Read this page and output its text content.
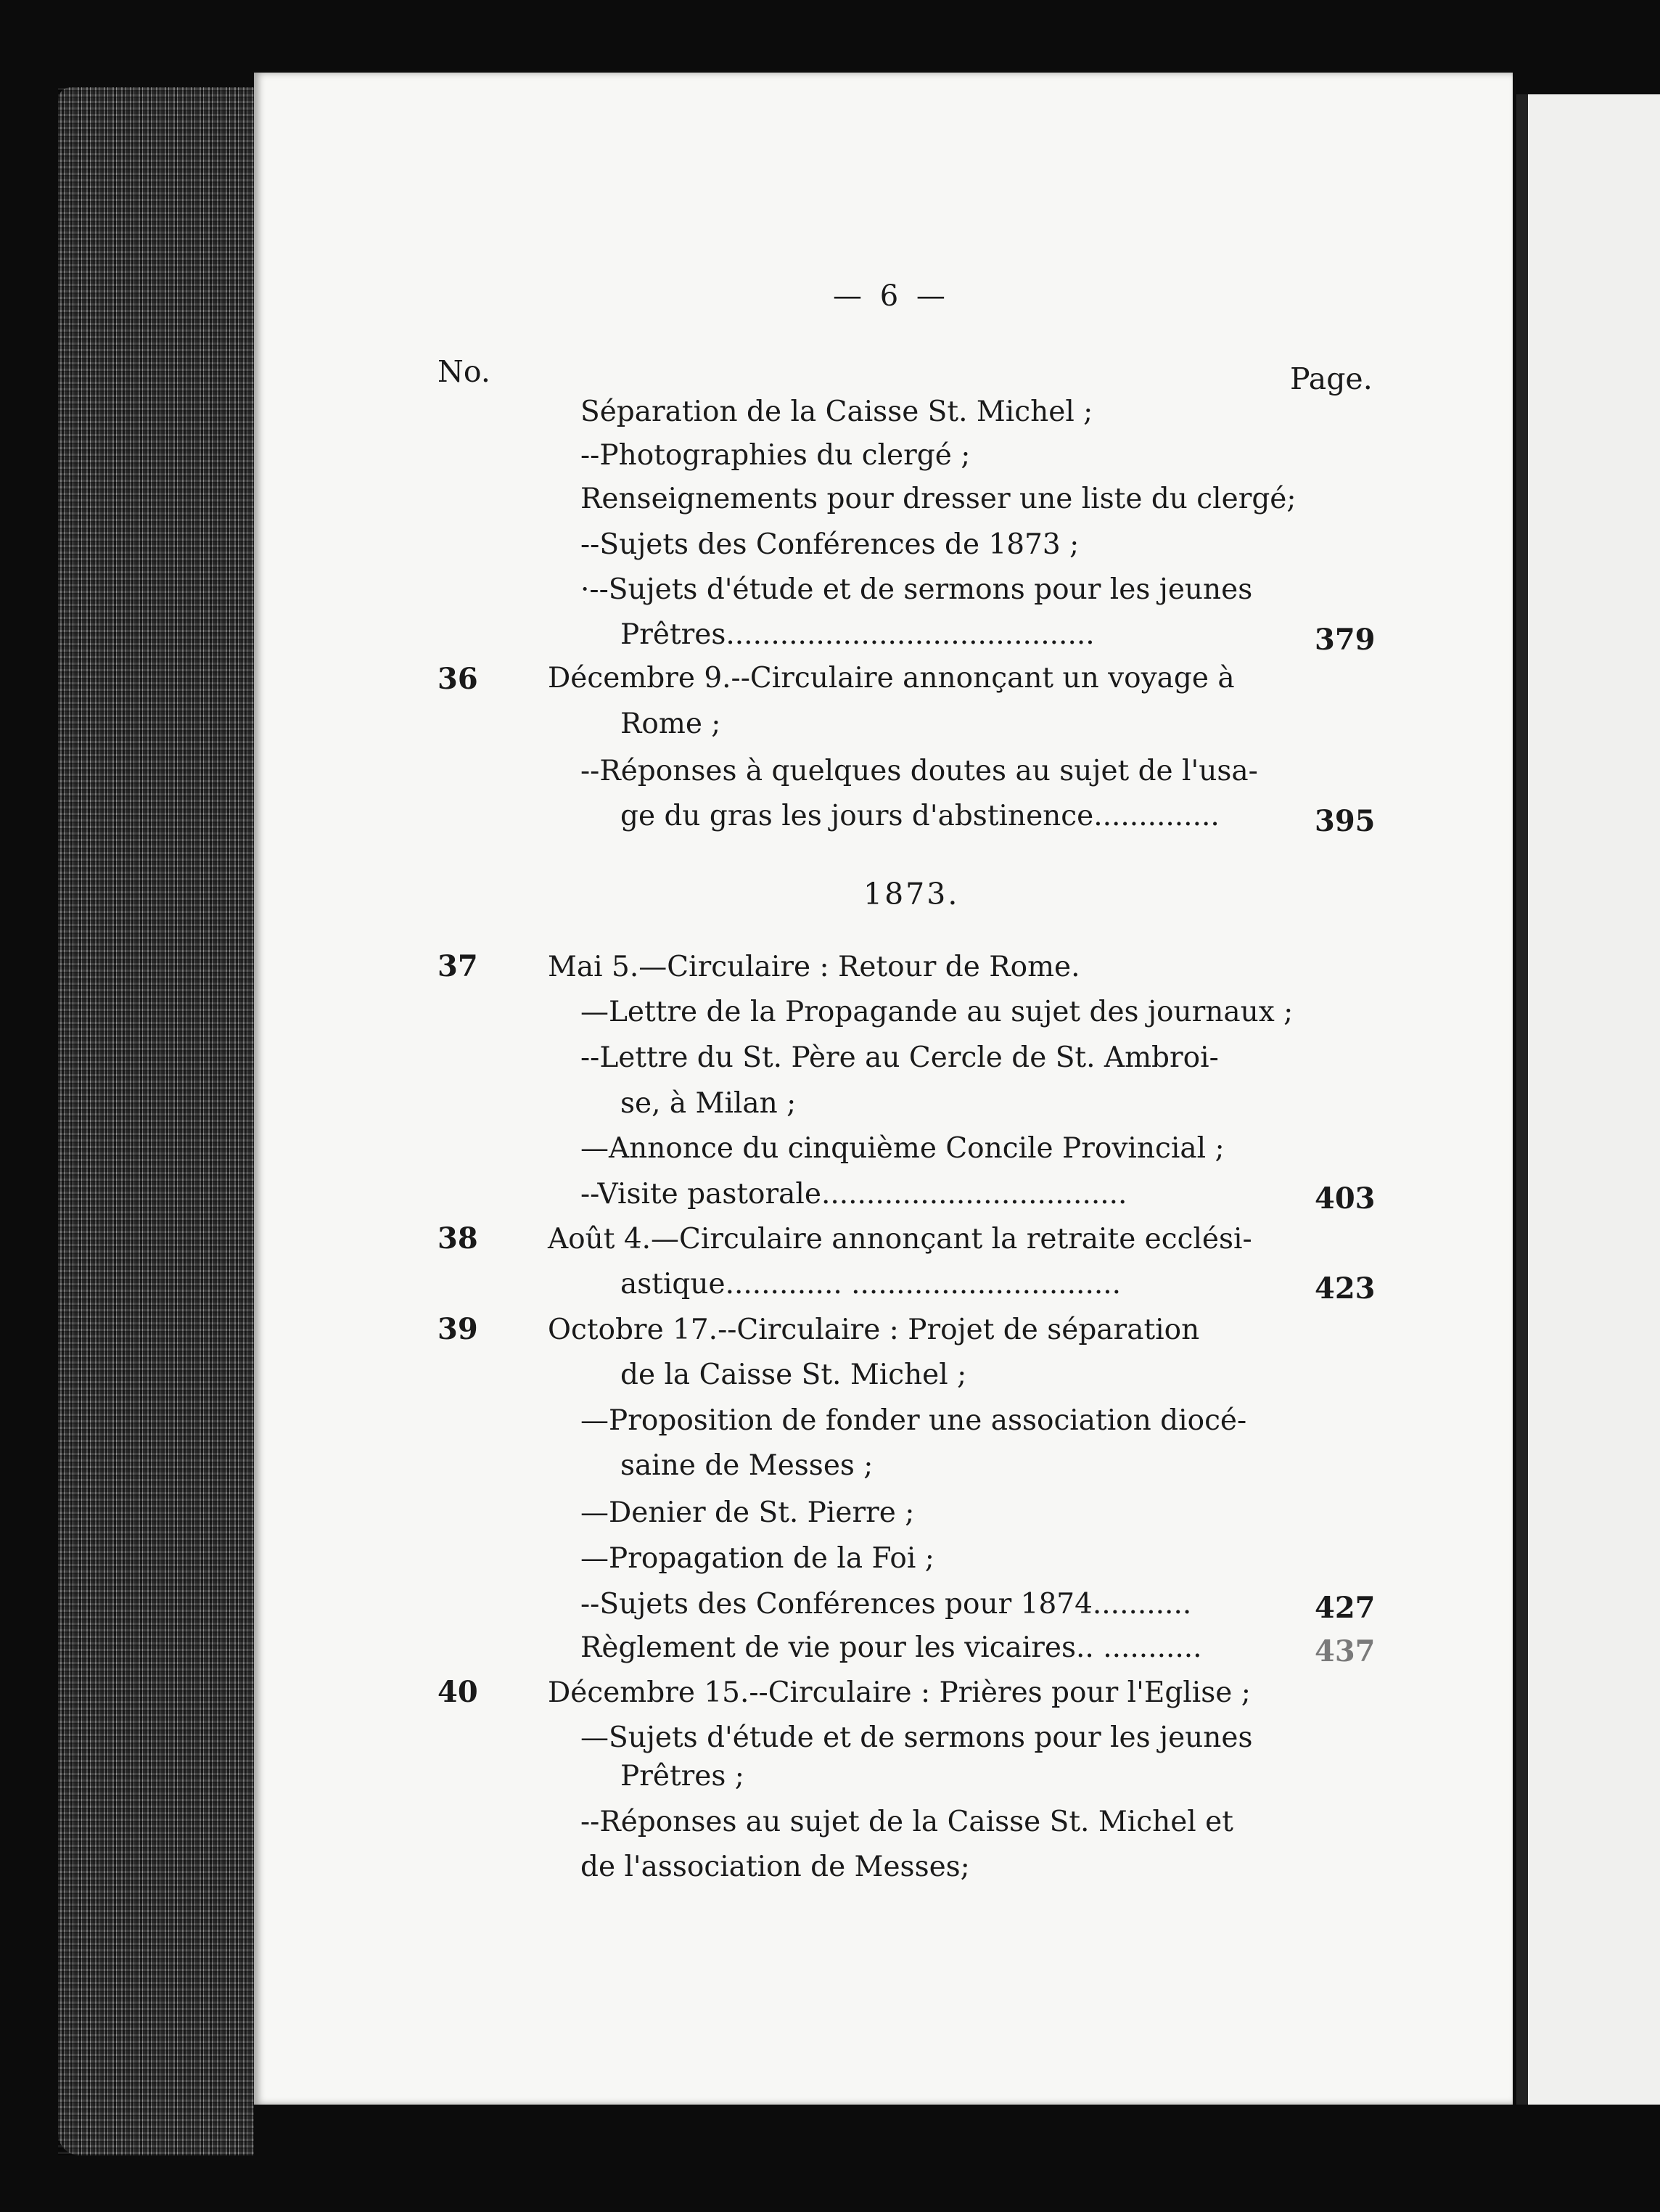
— 6 —
No.	Page.
Séparation de la Caisse St. Michel ;
--Photographies du clergé ;
Renseignements pour dresser une liste du clergé;
--Sujets des Conférences de 1873 ;
·--Sujets d'étude et de sermons pour les jeunes
Prêtres.........................................	379
36 Décembre 9.--Circulaire annonçant un voyage à
Rome ;
--Réponses à quelques doutes au sujet de l'usa-
ge du gras les jours d'abstinence..............	395
1873.
37 Mai 5.—Circulaire : Retour de Rome.
—Lettre de la Propagande au sujet des journaux ;
--Lettre du St. Père au Cercle de St. Ambroi-
se, à Milan ;
—Annonce du cinquième Concile Provincial ;
--Visite pastorale..................................	403
38 Août 4.—Circulaire annonçant la retraite ecclési-
astique............. ..............................	423
39 Octobre 17.--Circulaire : Projet de séparation
de la Caisse St. Michel ;
—Proposition de fonder une association diocé-
saine de Messes ;
—Denier de St. Pierre ;
—Propagation de la Foi ;
--Sujets des Conférences pour 1874...........	427
Règlement de vie pour les vicaires.. ...........	437
40 Décembre 15.--Circulaire : Prières pour l'Eglise ;
—Sujets d'étude et de sermons pour les jeunes
Prêtres ;
--Réponses au sujet de la Caisse St. Michel et
de l'association de Messes;
